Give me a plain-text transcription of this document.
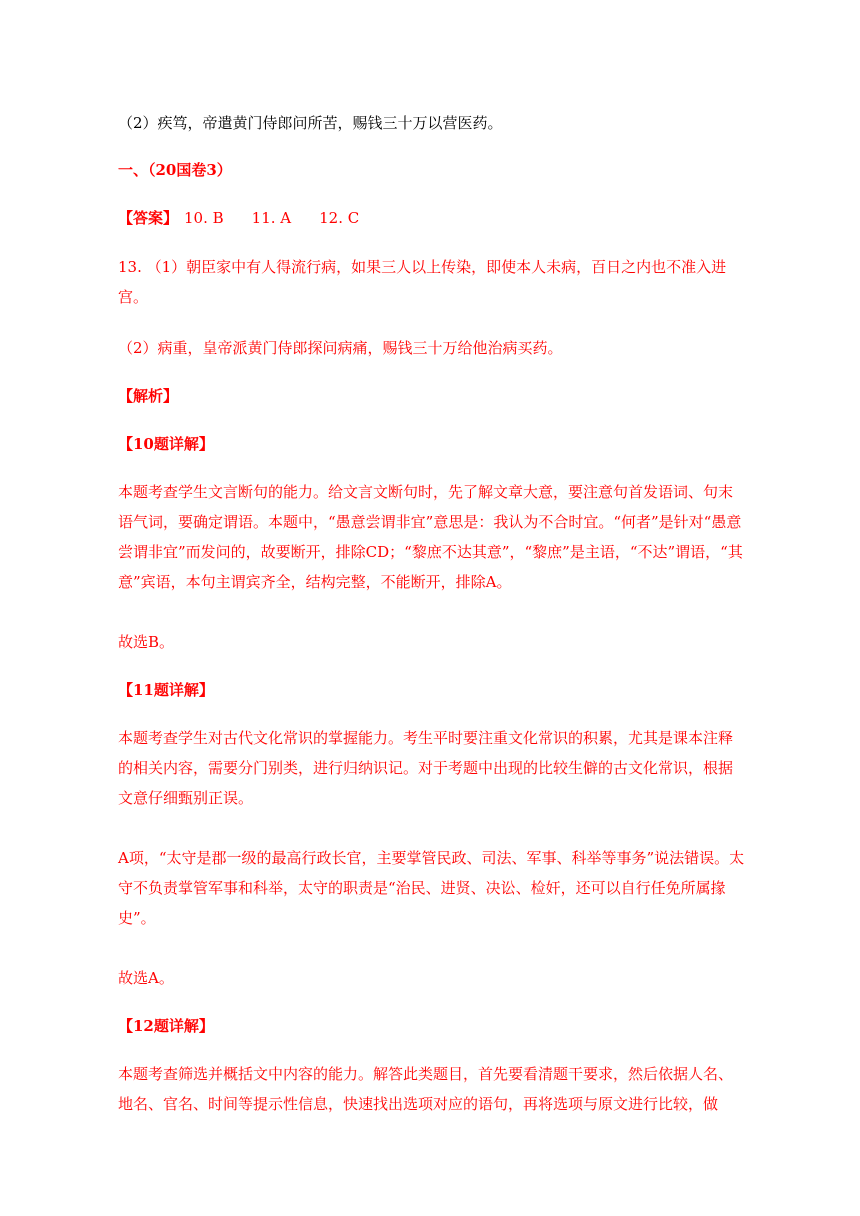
（2）疾笃，帝遣黄门侍郎问所苦，赐钱三十万以营医药。

一、（20国卷3）

【答案】 10. B 11. A 12. C

13. （1）朝臣家中有人得流行病，如果三人以上传染，即使本人未病，百日之内也不准入进宫。

（2）病重，皇帝派黄门侍郎探问病痛，赐钱三十万给他治病买药。

【解析】

【10题详解】

本题考查学生文言断句的能力。给文言文断句时，先了解文章大意，要注意句首发语词、句末语气词，要确定谓语。本题中，“愚意尝谓非宜”意思是：我认为不合时宜。“何者”是针对“愚意尝谓非宜”而发问的，故要断开，排除CD；“黎庶不达其意”，“黎庶”是主语，“不达”谓语，“其意”宾语，本句主谓宾齐全，结构完整，不能断开，排除A。

故选B。

【11题详解】

本题考查学生对古代文化常识的掌握能力。考生平时要注重文化常识的积累，尤其是课本注释的相关内容，需要分门别类，进行归纳识记。对于考题中出现的比较生僻的古文化常识，根据文意仔细甄别正误。

A项，“太守是郡一级的最高行政长官，主要掌管民政、司法、军事、科举等事务”说法错误。太守不负责掌管军事和科举，太守的职责是“治民、进贤、决讼、检奸，还可以自行任免所属掾史”。

故选A。

【12题详解】

本题考查筛选并概括文中内容的能力。解答此类题目，首先要看清题干要求，然后依据人名、地名、官名、时间等提示性信息，快速找出选项对应的语句，再将选项与原文进行比较，做
